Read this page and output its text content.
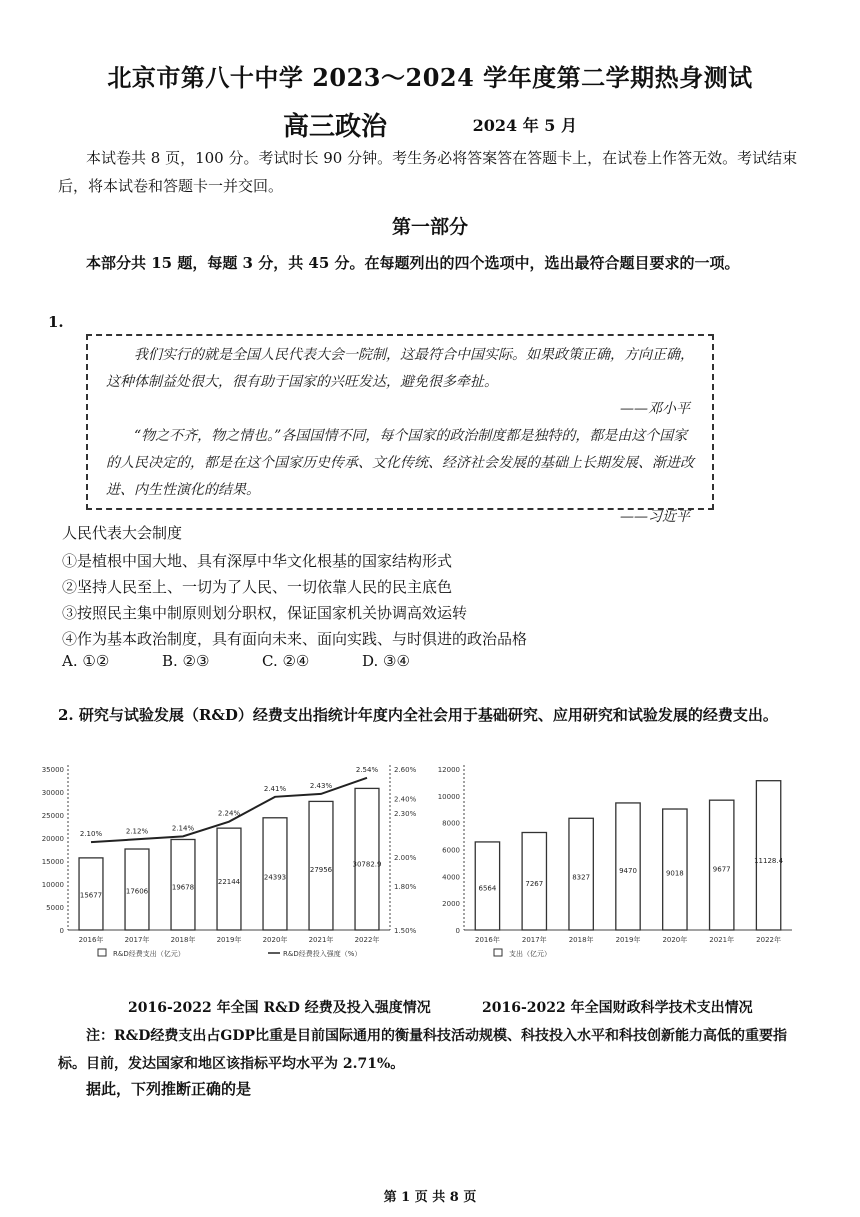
北京市第八十中学 2023～2024 学年度第二学期热身测试
高三政治	2024 年 5 月
本试卷共 8 页，100 分。考试时长 90 分钟。考生务必将答案答在答题卡上，在试卷上作答无效。考试结束后，将本试卷和答题卡一并交回。
第一部分
本部分共 15 题，每题 3 分，共 45 分。在每题列出的四个选项中，选出最符合题目要求的一项。
1.

我们实行的就是全国人民代表大会一院制，这最符合中国实际。如果政策正确，方向正确，这种体制益处很大，很有助于国家的兴旺发达，避免很多牵扯。

——邓小平

“物之不齐，物之情也。”各国国情不同，每个国家的政治制度都是独特的，都是由这个国家的人民决定的，都是在这个国家历史传承、文化传统、经济社会发展的基础上长期发展、渐进改进、内生性演化的结果。

——习近平
人民代表大会制度
①是植根中国大地、具有深厚中华文化根基的国家结构形式
②坚持人民至上、一切为了人民、一切依靠人民的民主底色
③按照民主集中制原则划分职权，保证国家机关协调高效运转
④作为基本政治制度，具有面向未来、面向实践、与时俱进的政治品格
A. ①②	B. ②③	C. ②④	D. ③④
2. 研究与试验发展（R&D）经费支出指统计年度内全社会用于基础研究、应用研究和试验发展的经费支出。
0
5000
10000
15000
20000
25000
30000
35000
15677
2016年
17606
2017年
19678
2018年
22144
2019年
24393
2020年
27956
2021年
30782.9
2022年
1.50%
1.80%
2.00%
2.30%
2.40%
2.60%
2.10%	2.12%	2.14%
2.24%
2.41%	2.43%
2.54%
R&D经费支出（亿元）	R&D经费投入强度（%）
0
2000
4000
6000
8000
10000
12000
6564
2016年
7267
2017年
8327
2018年
9470
2019年
9018
2020年
9677
2021年
11128.4
2022年
支出（亿元）
2016-2022 年全国 R&D 经费及投入强度情况	2016-2022 年全国财政科学技术支出情况
注：R&D经费支出占GDP比重是目前国际通用的衡量科技活动规模、科技投入水平和科技创新能力高低的重要指标。目前，发达国家和地区该指标平均水平为 2.71%。
据此，下列推断正确的是
第 1 页 共 8 页
